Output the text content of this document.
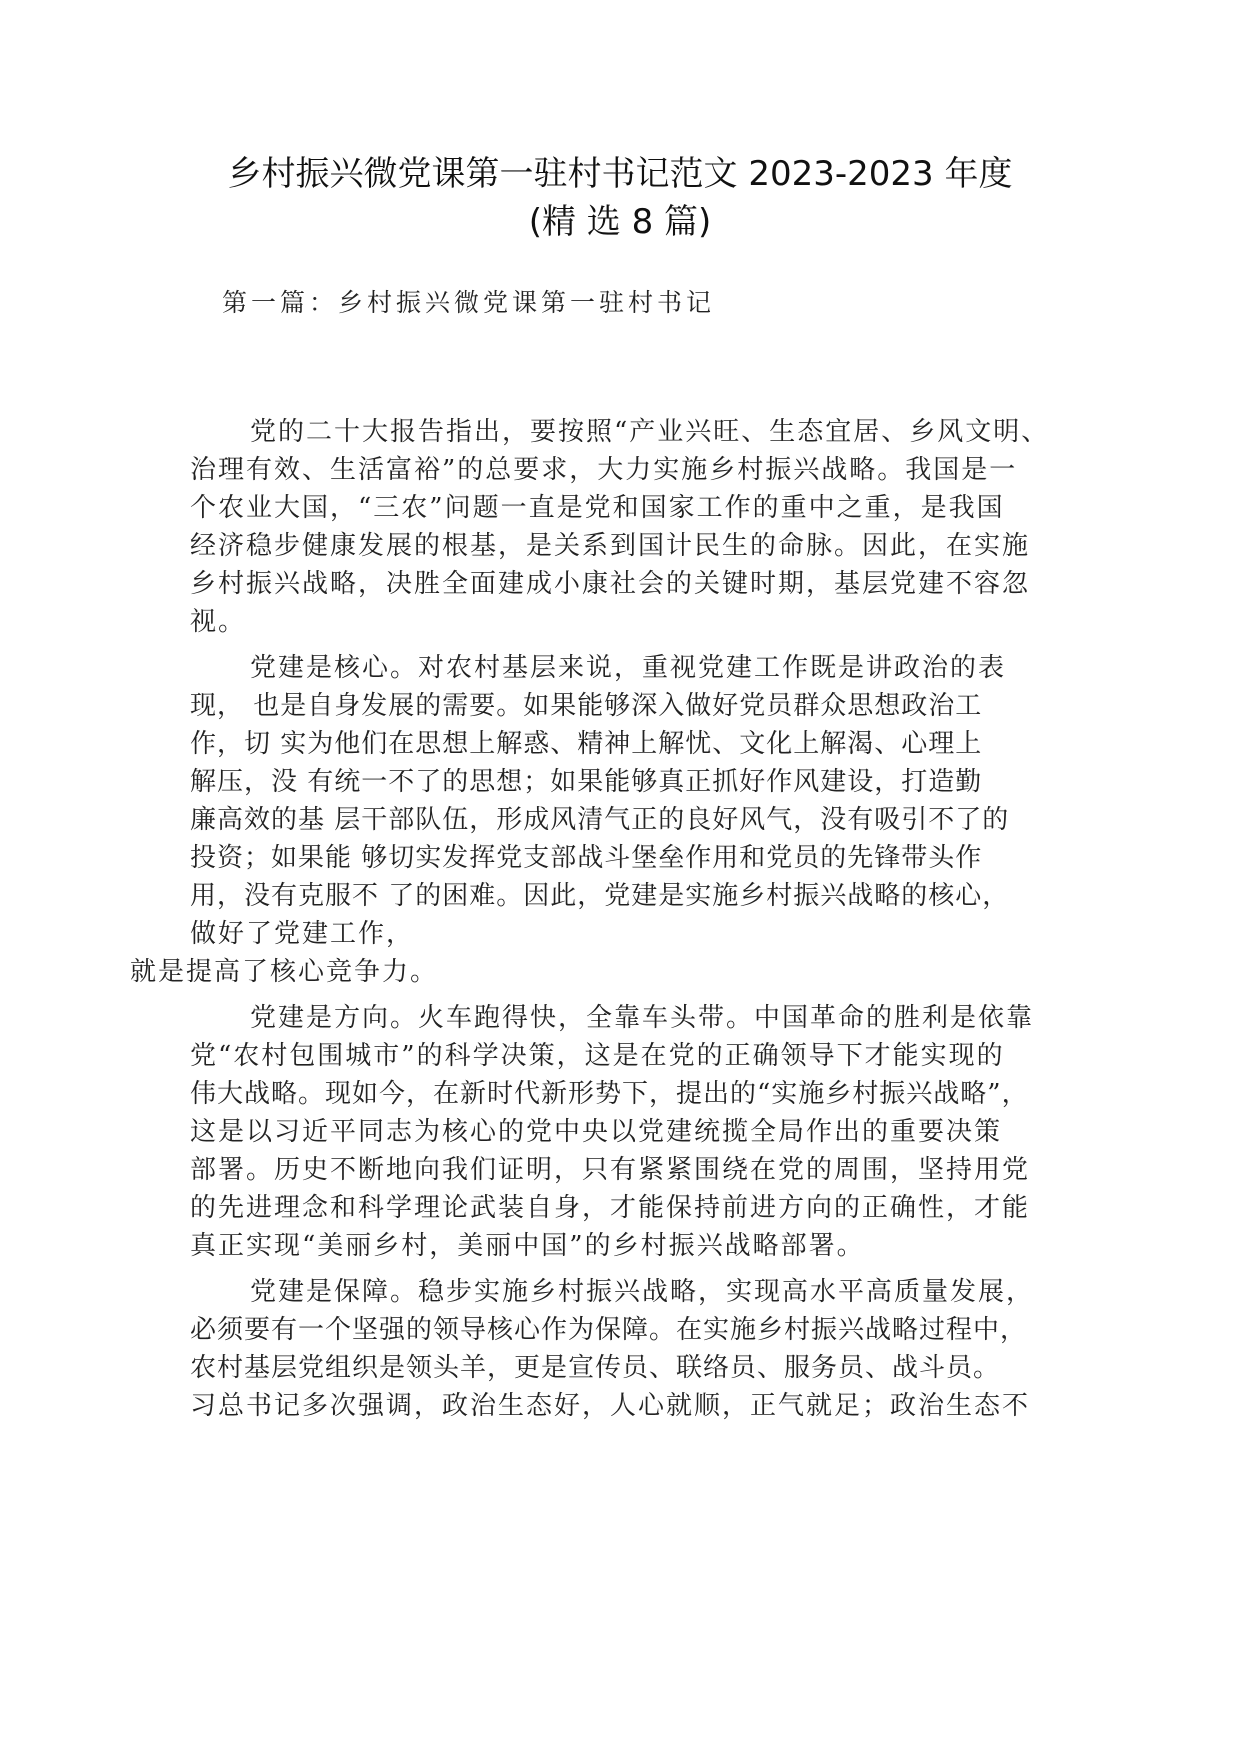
乡村振兴微党课第一驻村书记范文 2023-2023 年度
(精 选 8 篇)
第一篇：乡村振兴微党课第一驻村书记

党的二十大报告指出，要按照“产业兴旺、生态宜居、乡风文明、
治理有效、生活富裕”的总要求，大力实施乡村振兴战略。我国是一
个农业大国，“三农”问题一直是党和国家工作的重中之重，是我国
经济稳步健康发展的根基，是关系到国计民生的命脉。因此，在实施
乡村振兴战略，决胜全面建成小康社会的关键时期，基层党建不容忽
视。

党建是核心。对农村基层来说，重视党建工作既是讲政治的表
现， 也是自身发展的需要。如果能够深入做好党员群众思想政治工
作，切 实为他们在思想上解惑、精神上解忧、文化上解渴、心理上
解压，没 有统一不了的思想；如果能够真正抓好作风建设，打造勤
廉高效的基 层干部队伍，形成风清气正的良好风气，没有吸引不了的
投资；如果能 够切实发挥党支部战斗堡垒作用和党员的先锋带头作
用，没有克服不 了的困难。因此，党建是实施乡村振兴战略的核心，
做好了党建工作，
就是提高了核心竞争力。

党建是方向。火车跑得快，全靠车头带。中国革命的胜利是依靠
党“农村包围城市”的科学决策，这是在党的正确领导下才能实现的
伟大战略。现如今，在新时代新形势下，提出的“实施乡村振兴战略”，
这是以习近平同志为核心的党中央以党建统揽全局作出的重要决策
部署。历史不断地向我们证明，只有紧紧围绕在党的周围，坚持用党
的先进理念和科学理论武装自身，才能保持前进方向的正确性，才能
真正实现“美丽乡村，美丽中国”的乡村振兴战略部署。

党建是保障。稳步实施乡村振兴战略，实现高水平高质量发展，
必须要有一个坚强的领导核心作为保障。在实施乡村振兴战略过程中，
农村基层党组织是领头羊，更是宣传员、联络员、服务员、战斗员。
习总书记多次强调，政治生态好，人心就顺，正气就足；政治生态不
